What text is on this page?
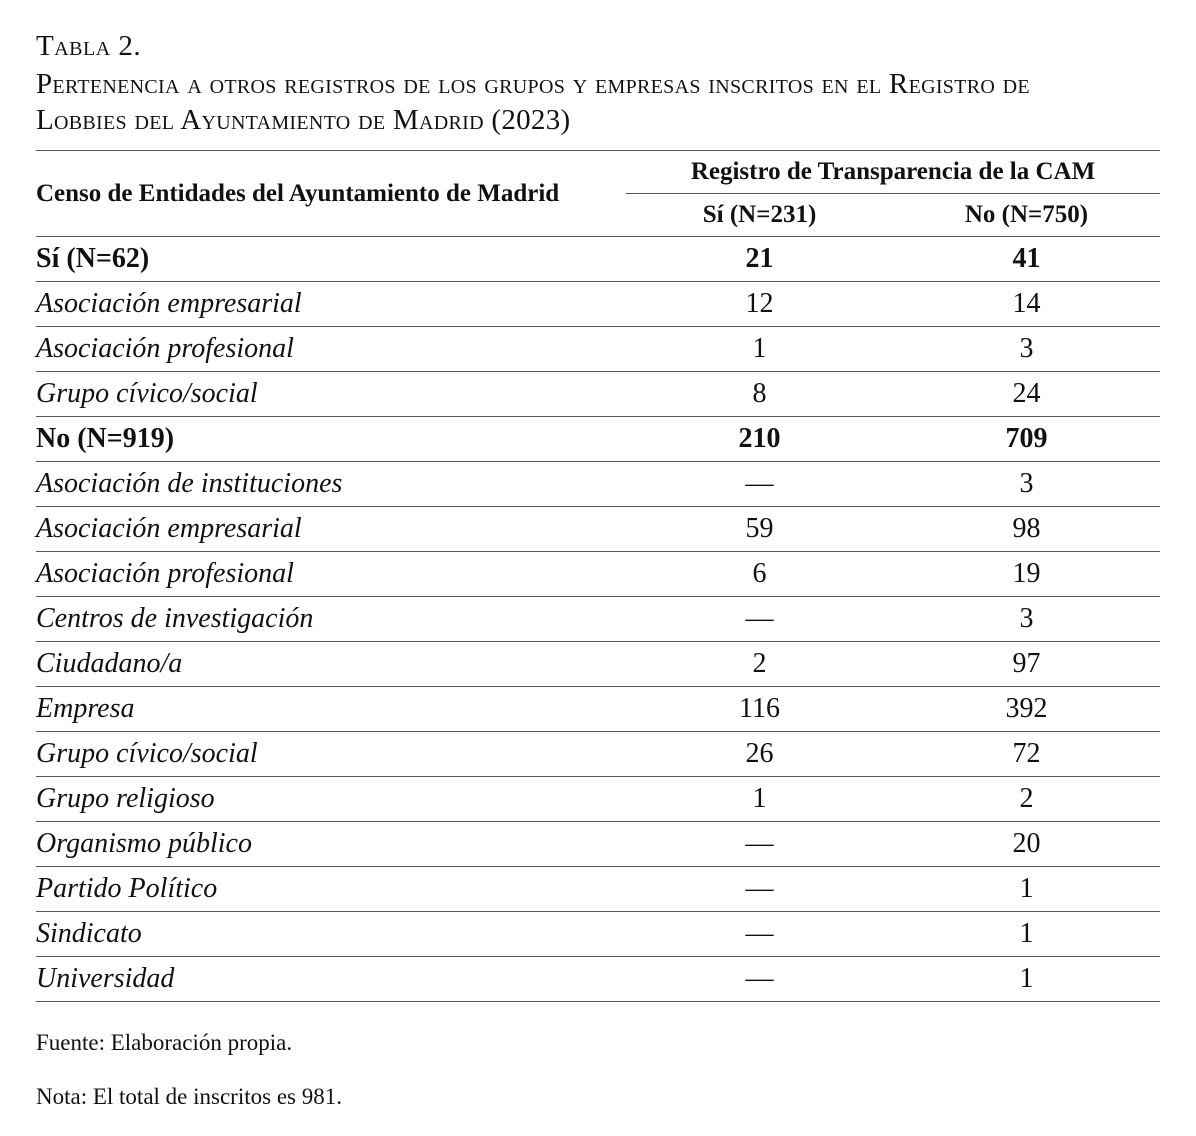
Tabla 2.
Pertenencia a otros registros de los grupos y empresas inscritos en el Registro de
Lobbies del Ayuntamiento de Madrid (2023)
Censo de Entidades del Ayuntamiento de Madrid	Registro de Transparencia de la CAM	
	Sí (N=231)	No (N=750)
Sí (N=62)	21	41
Asociación empresarial	12	14
Asociación profesional	1	3
Grupo cívico/social	8	24
No (N=919)	210	709
Asociación de instituciones	—	3
Asociación empresarial	59	98
Asociación profesional	6	19
Centros de investigación	—	3
Ciudadano/a	2	97
Empresa	116	392
Grupo cívico/social	26	72
Grupo religioso	1	2
Organismo público	—	20
Partido Político	—	1
Sindicato	—	1
Universidad	—	1

Fuente: Elaboración propia.

Nota: El total de inscritos es 981.
